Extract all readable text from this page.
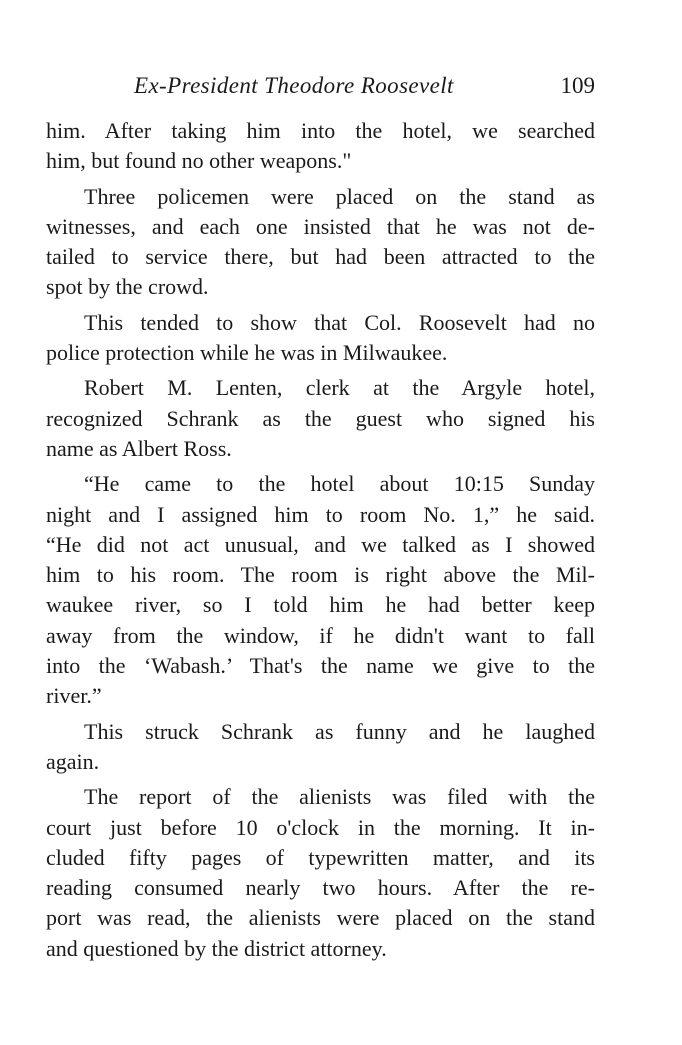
Ex-President Theodore Roosevelt	109
him. After taking him into the hotel, we searched
him, but found no other weapons."
Three policemen were placed on the stand as
witnesses, and each one insisted that he was not de-
tailed to service there, but had been attracted to the
spot by the crowd.
This tended to show that Col. Roosevelt had no
police protection while he was in Milwaukee.
Robert M. Lenten, clerk at the Argyle hotel,
recognized Schrank as the guest who signed his
name as Albert Ross.
“He came to the hotel about 10:15 Sunday
night and I assigned him to room No. 1,” he said.
“He did not act unusual, and we talked as I showed
him to his room. The room is right above the Mil-
waukee river, so I told him he had better keep
away from the window, if he didn't want to fall
into the ‘Wabash.’ That's the name we give to the
river.”
This struck Schrank as funny and he laughed
again.
The report of the alienists was filed with the
court just before 10 o'clock in the morning. It in-
cluded fifty pages of typewritten matter, and its
reading consumed nearly two hours. After the re-
port was read, the alienists were placed on the stand
and questioned by the district attorney.
